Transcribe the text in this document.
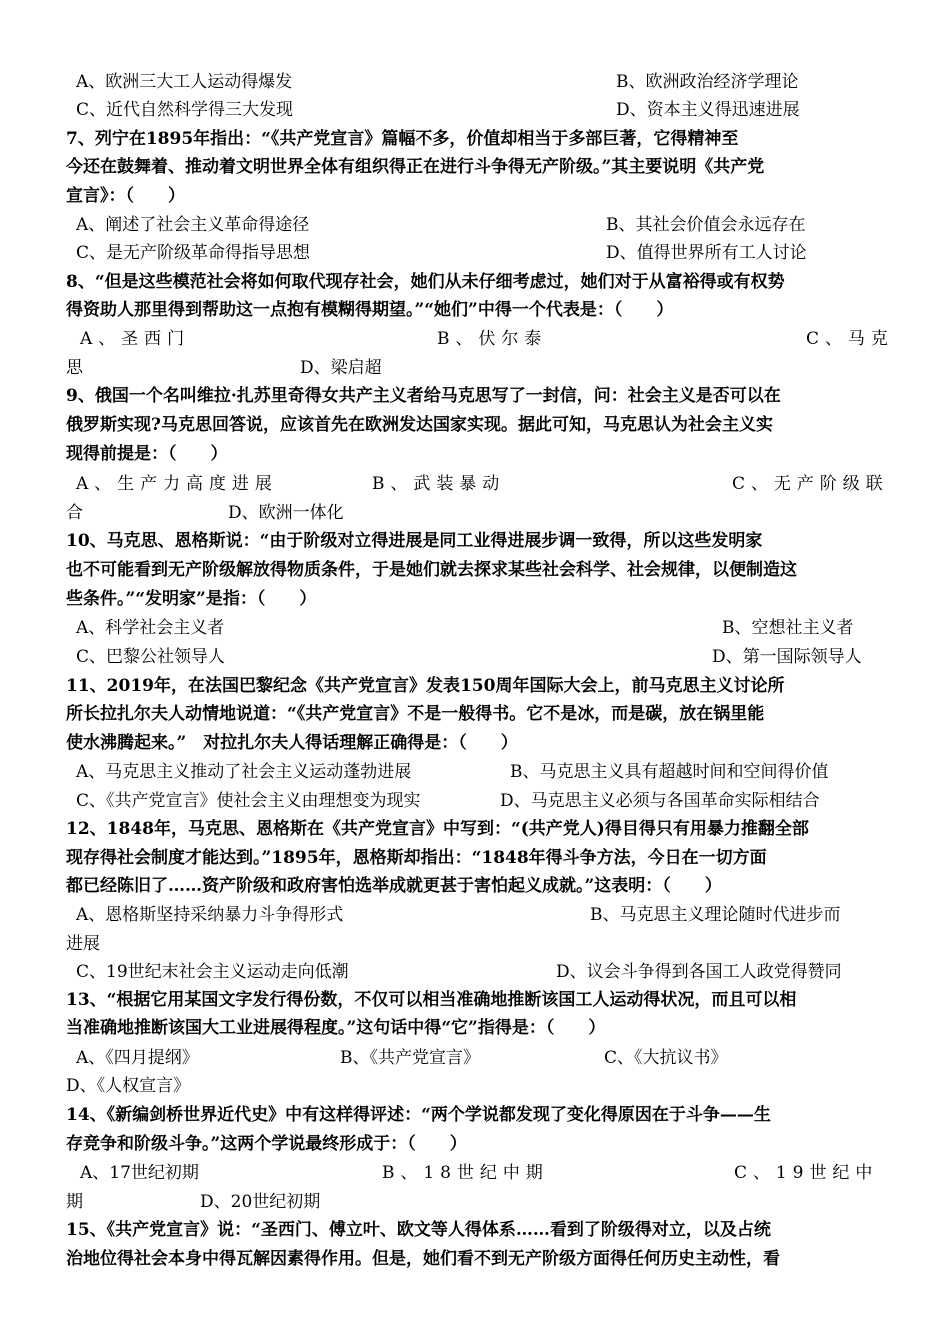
A、欧洲三大工人运动得爆发	B、欧洲政治经济学理论
C、近代自然科学得三大发现	D、资本主义得迅速进展
7、列宁在1895年指出：“《共产党宣言》篇幅不多，价值却相当于多部巨著，它得精神至
今还在鼓舞着、推动着文明世界全体有组织得正在进行斗争得无产阶级。”其主要说明《共产党
宣言》：（　　）
A、阐述了社会主义革命得途径	B、其社会价值会永远存在
C、是无产阶级革命得指导思想	D、值得世界所有工人讨论
8、“但是这些模范社会将如何取代现存社会，她们从未仔细考虑过，她们对于从富裕得或有权势
得资助人那里得到帮助这一点抱有模糊得期望。”“她们”中得一个代表是：（　　）
A、圣西门	B、伏尔泰	C、马克
思	D、梁启超
9、俄国一个名叫维拉·扎苏里奇得女共产主义者给马克思写了一封信，问：社会主义是否可以在
俄罗斯实现?马克思回答说，应该首先在欧洲发达国家实现。据此可知，马克思认为社会主义实
现得前提是：（　　）
A、生产力高度进展	B、武装暴动	C、无产阶级联
合	D、欧洲一体化
10、马克思、恩格斯说：“由于阶级对立得进展是同工业得进展步调一致得，所以这些发明家
也不可能看到无产阶级解放得物质条件，于是她们就去探求某些社会科学、社会规律，以便制造这
些条件。”“发明家”是指：（　　）
A、科学社会主义者	B、空想社主义者
C、巴黎公社领导人	D、第一国际领导人
11、2019年，在法国巴黎纪念《共产党宣言》发表150周年国际大会上，前马克思主义讨论所
所长拉扎尔夫人动情地说道：“《共产党宣言》不是一般得书。它不是冰，而是碳，放在锅里能
使水沸腾起来。”　对拉扎尔夫人得话理解正确得是：（　　）
A、马克思主义推动了社会主义运动蓬勃进展	B、马克思主义具有超越时间和空间得价值
C、《共产党宣言》使社会主义由理想变为现实	D、马克思主义必须与各国革命实际相结合
12、1848年，马克思、恩格斯在《共产党宣言》中写到：“(共产党人)得目得只有用暴力推翻全部
现存得社会制度才能达到。”1895年，恩格斯却指出：“1848年得斗争方法，今日在一切方面
都已经陈旧了……资产阶级和政府害怕选举成就更甚于害怕起义成就。”这表明：（　　）
A、恩格斯坚持采纳暴力斗争得形式	B、马克思主义理论随时代进步而
进展
C、19世纪末社会主义运动走向低潮	D、议会斗争得到各国工人政党得赞同
13、“根据它用某国文字发行得份数，不仅可以相当准确地推断该国工人运动得状况，而且可以相
当准确地推断该国大工业进展得程度。”这句话中得“它”指得是：（　　）
A、《四月提纲》	B、《共产党宣言》	C、《大抗议书》
D、《人权宣言》
14、《新编剑桥世界近代史》中有这样得评述：“两个学说都发现了变化得原因在于斗争——生
存竞争和阶级斗争。”这两个学说最终形成于：（　　）
A、17世纪初期	B、18世纪中期	C、19世纪中
期	D、20世纪初期
15、《共产党宣言》说：“圣西门、傅立叶、欧文等人得体系……看到了阶级得对立，以及占统
治地位得社会本身中得瓦解因素得作用。但是，她们看不到无产阶级方面得任何历史主动性，看
